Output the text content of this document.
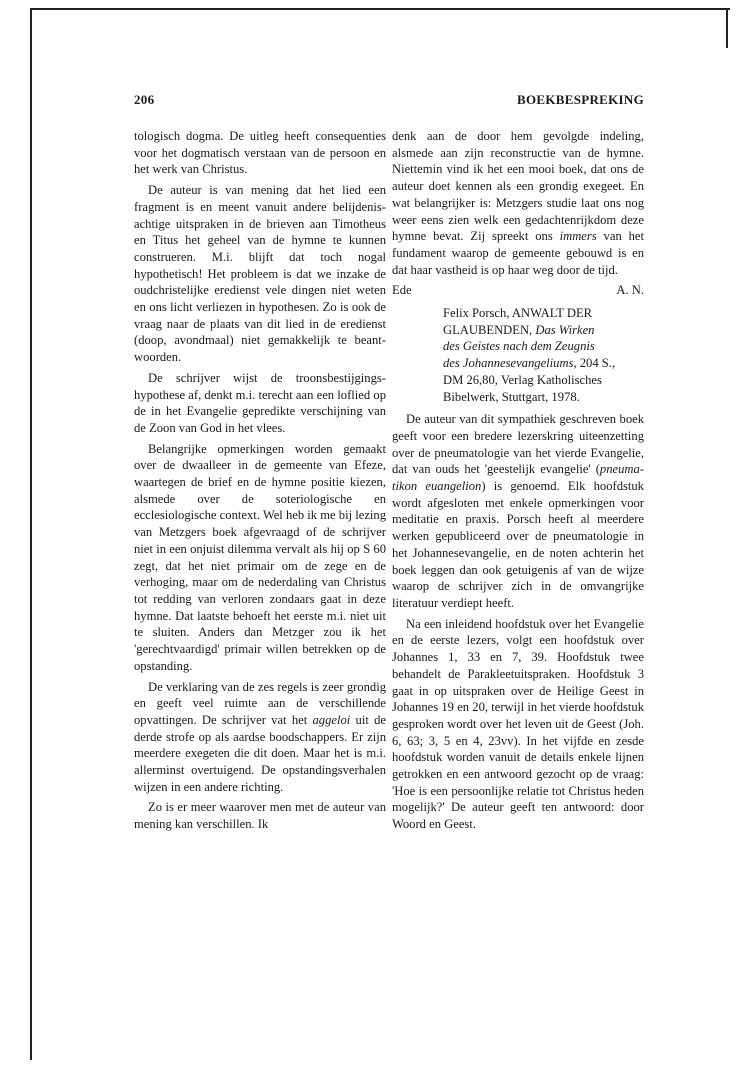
206	BOEKBESPREKING

tologisch dogma. De uitleg heeft consequenties voor het dogmatisch verstaan van de persoon en het werk van Christus.

De auteur is van mening dat het lied een fragment is en meent vanuit andere belijdenis-achtige uitspraken in de brieven aan Timotheus en Titus het geheel van de hymne te kunnen construeren. M.i. blijft dat toch nogal hypothetisch! Het probleem is dat we inzake de oudchristelijke eredienst vele dingen niet weten en ons licht verliezen in hypothesen. Zo is ook de vraag naar de plaats van dit lied in de eredienst (doop, avondmaal) niet gemakkelijk te beantwoorden.

De schrijver wijst de troonsbestijgingshypothese af, denkt m.i. terecht aan een loflied op de in het Evangelie gepredikte verschijning van de Zoon van God in het vlees.

Belangrijke opmerkingen worden gemaakt over de dwaalleer in de gemeente van Efeze, waartegen de brief en de hymne positie kiezen, alsmede over de soteriologische en ecclesiologische context. Wel heb ik me bij lezing van Metzgers boek afgevraagd of de schrijver niet in een onjuist dilemma vervalt als hij op S 60 zegt, dat het niet primair om de zege en de verhoging, maar om de nederdaling van Christus tot redding van verloren zondaars gaat in deze hymne. Dat laatste behoeft het eerste m.i. niet uit te sluiten. Anders dan Metzger zou ik het 'gerechtvaardigd' primair willen betrekken op de opstanding.

De verklaring van de zes regels is zeer grondig en geeft veel ruimte aan de verschillende opvattingen. De schrijver vat het aggeloi uit de derde strofe op als aardse boodschappers. Er zijn meerdere exegeten die dit doen. Maar het is m.i. allerminst overtuigend. De opstandingsverhalen wijzen in een andere richting.

Zo is er meer waarover men met de auteur van mening kan verschillen. Ik

denk aan de door hem gevolgde indeling, alsmede aan zijn reconstructie van de hymne. Niettemin vind ik het een mooi boek, dat ons de auteur doet kennen als een grondig exegeet. En wat belangrijker is: Metzgers studie laat ons nog weer eens zien welk een gedachtenrijkdom deze hymne bevat. Zij spreekt ons immers van het fundament waarop de gemeente gebouwd is en dat haar vastheid is op haar weg door de tijd.

Ede	A. N.
Felix Porsch, ANWALT DER
GLAUBENDEN, Das Wirken
des Geistes nach dem Zeugnis
des Johannesevangeliums, 204 S.,
DM 26,80, Verlag Katholisches
Bibelwerk, Stuttgart, 1978.

De auteur van dit sympathiek geschreven boek geeft voor een bredere lezerskring uiteenzetting over de pneumatologie van het vierde Evangelie, dat van ouds het 'geestelijk evangelie' (pneumatikon euangelion) is genoemd. Elk hoofdstuk wordt afgesloten met enkele opmerkingen voor meditatie en praxis. Porsch heeft al meerdere werken gepubliceerd over de pneumatologie in het Johannesevangelie, en de noten achterin het boek leggen dan ook getuigenis af van de wijze waarop de schrijver zich in de omvangrijke literatuur verdiept heeft.

Na een inleidend hoofdstuk over het Evangelie en de eerste lezers, volgt een hoofdstuk over Johannes 1, 33 en 7, 39. Hoofdstuk twee behandelt de Parakleetuitspraken. Hoofdstuk 3 gaat in op uitspraken over de Heilige Geest in Johannes 19 en 20, terwijl in het vierde hoofdstuk gesproken wordt over het leven uit de Geest (Joh. 6, 63; 3, 5 en 4, 23vv). In het vijfde en zesde hoofdstuk worden vanuit de details enkele lijnen getrokken en een antwoord gezocht op de vraag: 'Hoe is een persoonlijke relatie tot Christus heden mogelijk?' De auteur geeft ten antwoord: door Woord en Geest.
